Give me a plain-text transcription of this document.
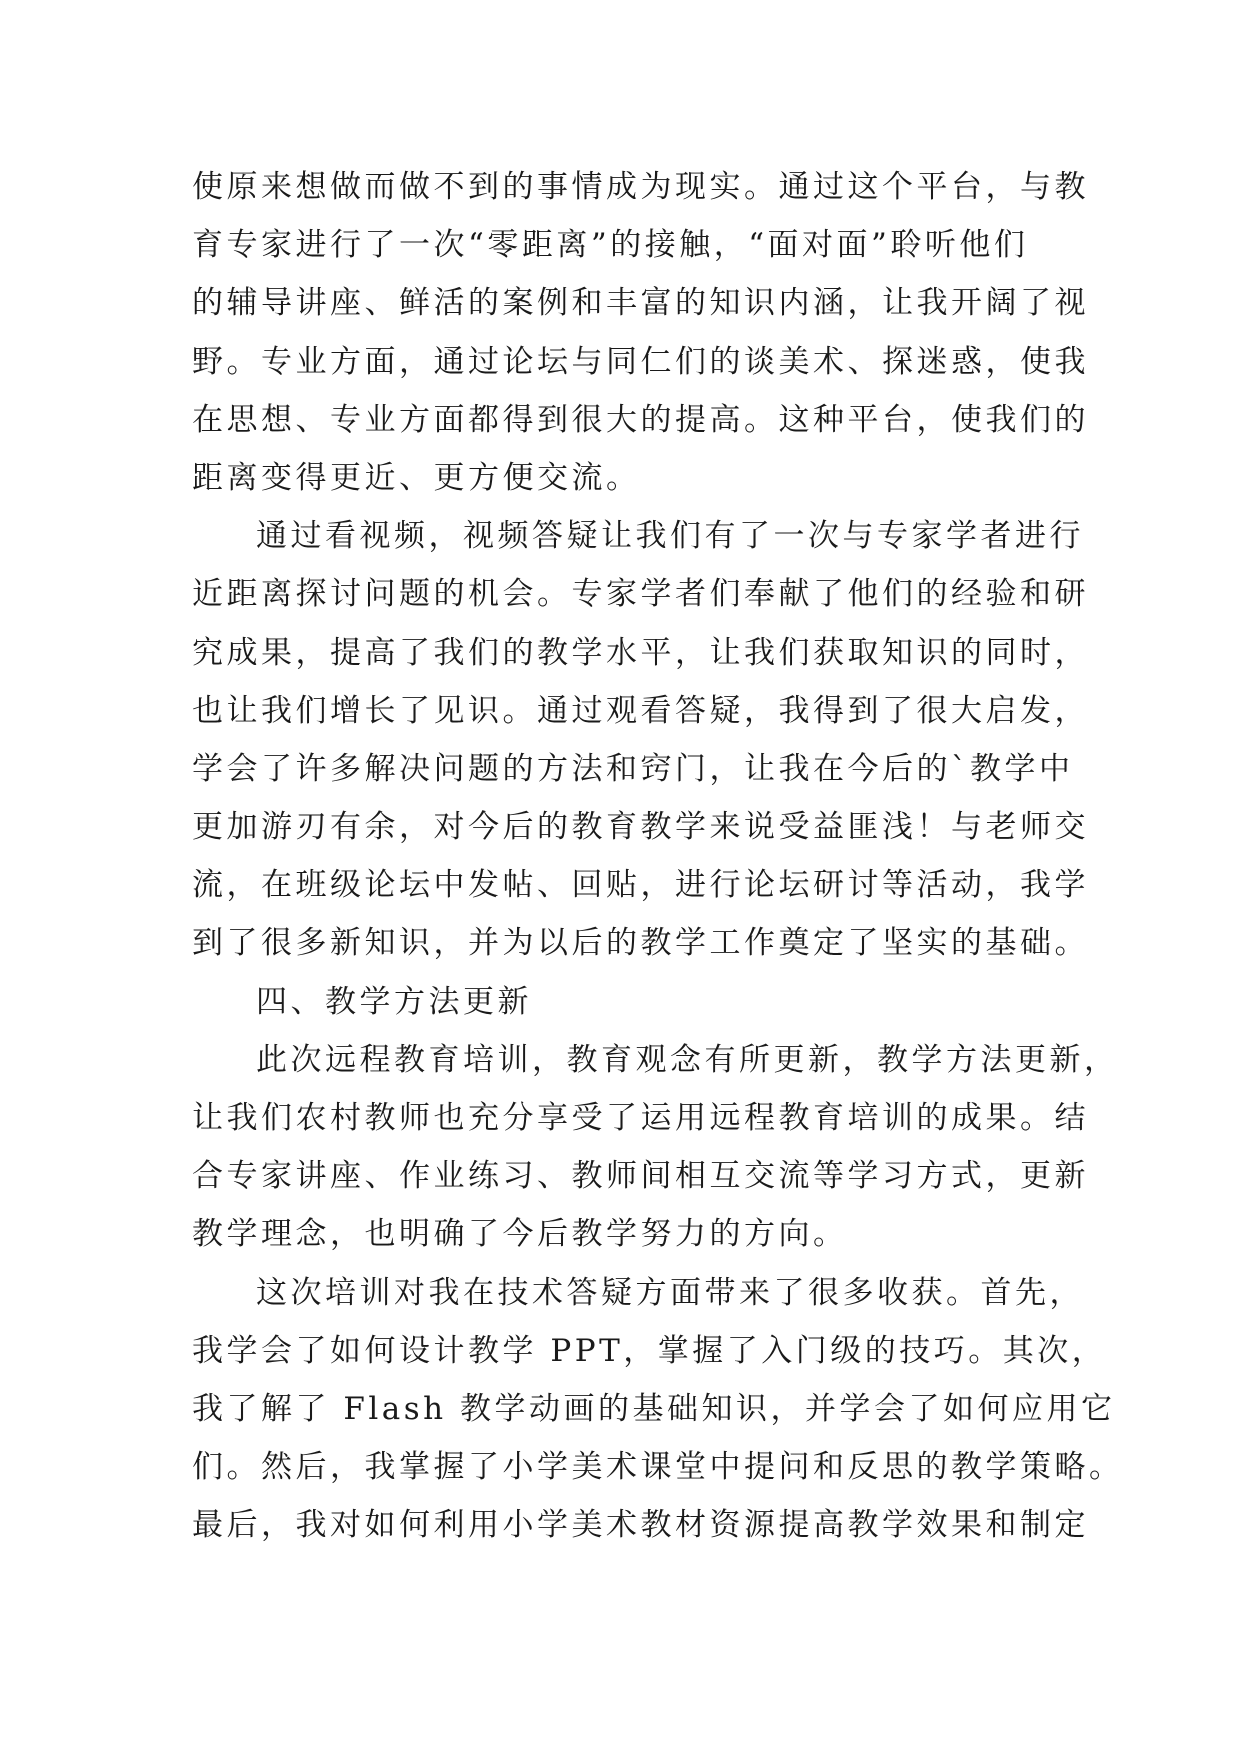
使原来想做而做不到的事情成为现实。通过这个平台，与教
育专家进行了一次“零距离”的接触，“面对面”聆听他们
的辅导讲座、鲜活的案例和丰富的知识内涵，让我开阔了视
野。专业方面，通过论坛与同仁们的谈美术、探迷惑，使我
在思想、专业方面都得到很大的提高。这种平台，使我们的
距离变得更近、更方便交流。
通过看视频，视频答疑让我们有了一次与专家学者进行
近距离探讨问题的机会。专家学者们奉献了他们的经验和研
究成果，提高了我们的教学水平，让我们获取知识的同时，
也让我们增长了见识。通过观看答疑，我得到了很大启发，
学会了许多解决问题的方法和窍门，让我在今后的`教学中
更加游刃有余，对今后的教育教学来说受益匪浅！与老师交
流，在班级论坛中发帖、回贴，进行论坛研讨等活动，我学
到了很多新知识，并为以后的教学工作奠定了坚实的基础。
四、教学方法更新
此次远程教育培训，教育观念有所更新，教学方法更新，
让我们农村教师也充分享受了运用远程教育培训的成果。结
合专家讲座、作业练习、教师间相互交流等学习方式，更新
教学理念，也明确了今后教学努力的方向。
这次培训对我在技术答疑方面带来了很多收获。首先，
我学会了如何设计教学 PPT，掌握了入门级的技巧。其次，
我了解了 Flash 教学动画的基础知识，并学会了如何应用它
们。然后，我掌握了小学美术课堂中提问和反思的教学策略。
最后，我对如何利用小学美术教材资源提高教学效果和制定
